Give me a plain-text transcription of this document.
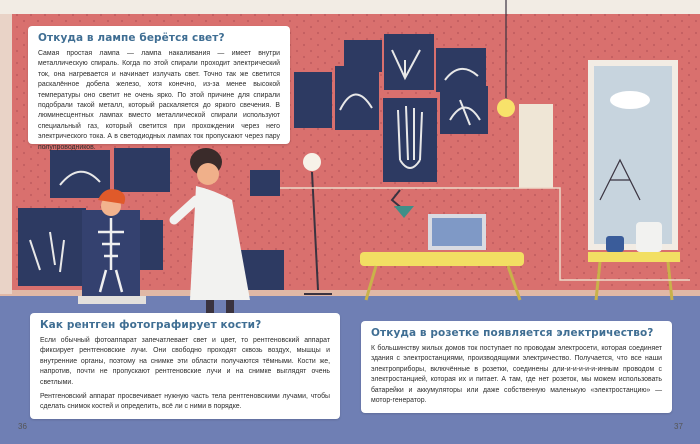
Откуда в лампе берётся свет?

Самая простая лампа — лампа накаливания — имеет внутри металлическую спираль. Когда по этой спирали проходит электрический ток, она нагревается и начинает излучать свет. Точно так же светится раскалённое добела железо, хотя конечно, из-за менее высокой температуры оно светит не очень ярко. По этой причине для спирали подобрали такой металл, который раскаляется до яркого свечения. В люминесцентных лампах вместо металлической спирали используют специальный газ, который светится при прохождении через него электрического тока. А в светодиодных лампах ток пропускают через пару полупроводников.

Как рентген фотографирует кости?

Если обычный фотоаппарат запечатлевает свет и цвет, то рентгеновский аппарат фиксирует рентгеновские лучи. Они свободно проходят сквозь воздух, мышцы и внутренние органы, поэтому на снимке эти области получаются тёмными. Кости же, напротив, почти не пропускают рентгеновские лучи и на снимке выглядят очень светлыми.

Рентгеновский аппарат просвечивает нужную часть тела рентгеновскими лучами, чтобы сделать снимок костей и определить, всё ли с ними в порядке.

Откуда в розетке появляется электричество?

К большинству жилых домов ток поступает по проводам электросети, которая соединяет здания с электростанциями, производящими электричество. Получается, что все наши электроприборы, включённые в розетки, соединены дли-и-и-и-и-и-инным проводом с электростанцией, которая их и питает. А там, где нет розеток, мы можем использовать батарейки и аккумуляторы или даже собственную маленькую «электростанцию» — мотор-генератор.

36	37
